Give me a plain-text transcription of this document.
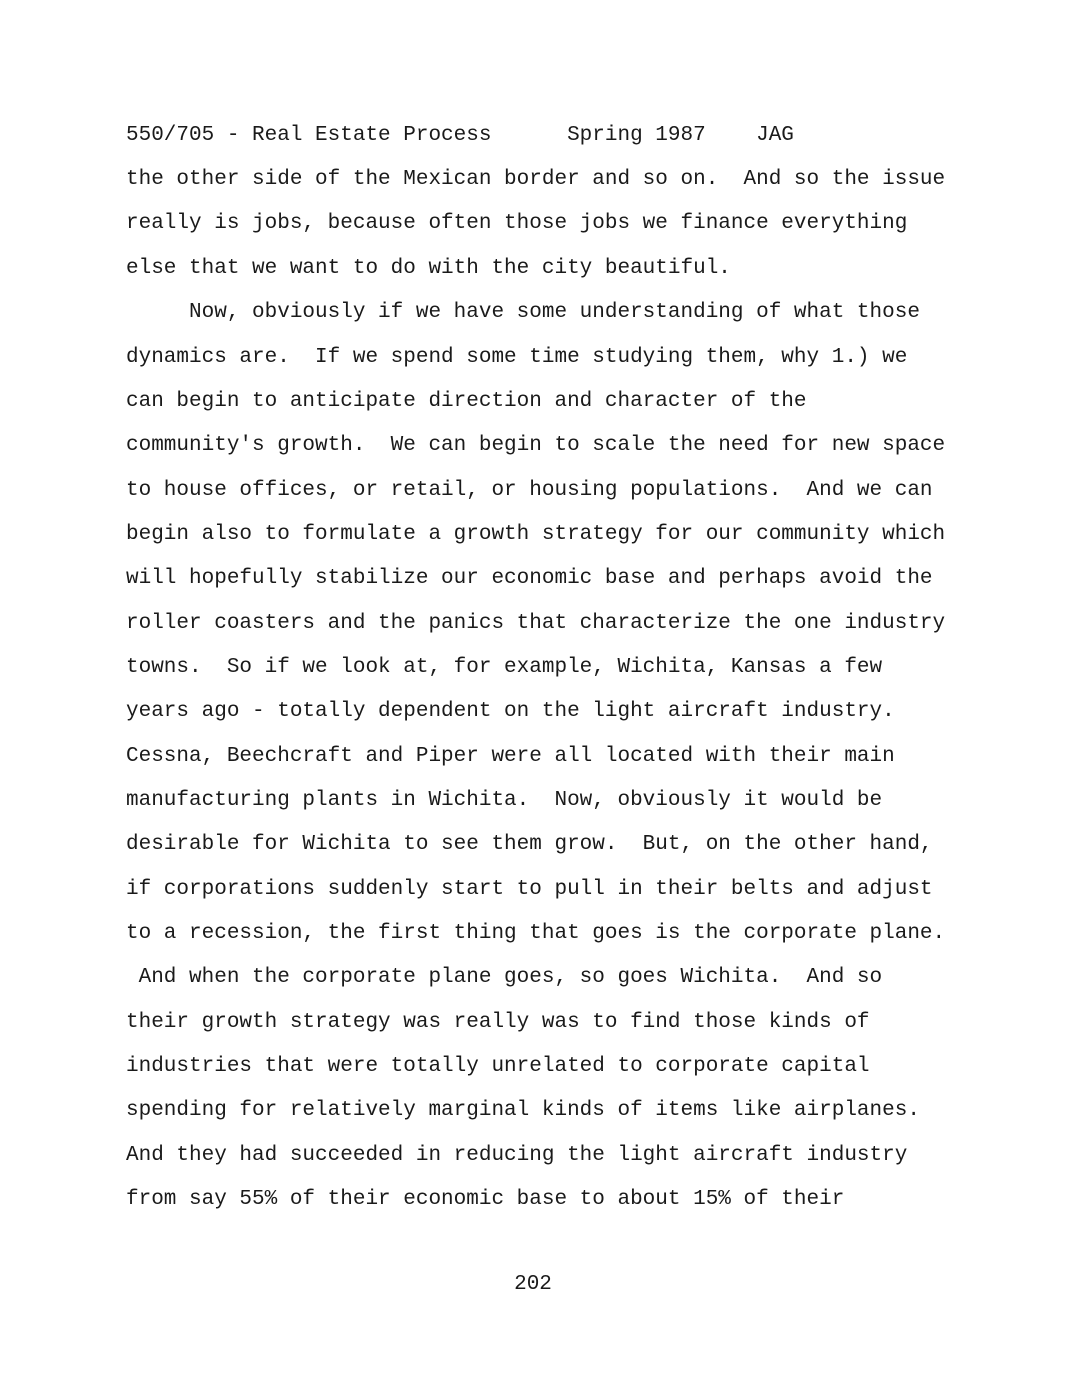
550/705 - Real Estate Process      Spring 1987    JAG

the other side of the Mexican border and so on.  And so the issue

really is jobs, because often those jobs we finance everything

else that we want to do with the city beautiful.

Now, obviously if we have some understanding of what those

dynamics are.  If we spend some time studying them, why 1.) we

can begin to anticipate direction and character of the

community's growth.  We can begin to scale the need for new space

to house offices, or retail, or housing populations.  And we can

begin also to formulate a growth strategy for our community which

will hopefully stabilize our economic base and perhaps avoid the

roller coasters and the panics that characterize the one industry

towns.  So if we look at, for example, Wichita, Kansas a few

years ago - totally dependent on the light aircraft industry.

Cessna, Beechcraft and Piper were all located with their main

manufacturing plants in Wichita.  Now, obviously it would be

desirable for Wichita to see them grow.  But, on the other hand,

if corporations suddenly start to pull in their belts and adjust

to a recession, the first thing that goes is the corporate plane.

And when the corporate plane goes, so goes Wichita.  And so

their growth strategy was really was to find those kinds of

industries that were totally unrelated to corporate capital

spending for relatively marginal kinds of items like airplanes.

And they had succeeded in reducing the light aircraft industry

from say 55% of their economic base to about 15% of their

202
